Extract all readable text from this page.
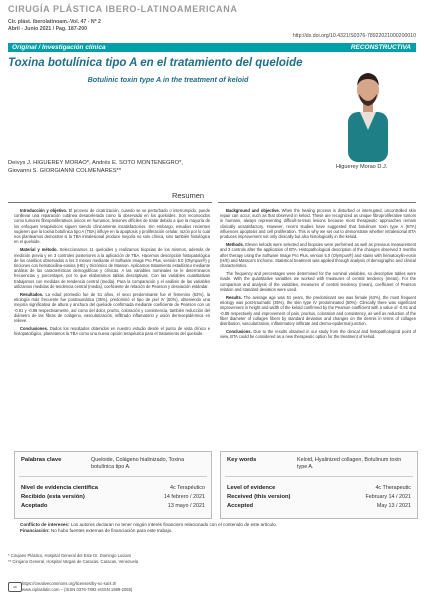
CIRUGÍA PLÁSTICA IBERO-LATINOAMERICANA
Cir. plást. iberolatinoam.-Vol. 47 - Nº 2
Abril - Junio 2021 / Pag. 187-200
http://dx.doi.org/10.4321/S0376-78922021000200010
Original / Investigación clínica	RECONSTRUCTIVA
Toxina botulínica tipo A en el tratamiento del queloide
Botulinic toxin type A in the treatment of keloid
Higuerey Morao D.J.
Deivys J. HIGUEREY MORAO*, Andrés E. SOTO MONTENEGRO*,
Giovanni S. GIORGIANNI COLMENARES**
Resumen

Introducción y objetivo. El proceso de cicatrización, cuando se ve perturbado o interrumpido, puede conllevar una reparación cutánea desacelerada como la observada en los queloides. Son reconocidos como tumores fibroproliferativos únicos en humanos, lesiones difíciles de tratar debido a que la mayoría de los enfoques terapéuticos siguen siendo clínicamente insatisfactorios. Sin embargo, estudios recientes sugieren que la toxina botulínica tipo A (TBA) influye en la apoptosis y proliferación celular, razón por lo cual nos planteamos demostrar si la TBA intralesional produce mejoría no solo clínica, sino también histológica en el queloide.

Material y método. Seleccionamos 11 queloides y realizamos biopsias de los mismos, además de medición previa y en 3 controles posteriores a la aplicación de TBA. Hacemos descripción histopatológica de los cambios observados a los 3 meses mediante el Software Image Pro Plus, versión 5.0 (Olympus®) y tinciones con hematoxilina-eosina (HE) y tricrómico de Masson. Aplicamos tratamiento estadístico mediante análisis de las características demográficas y clínicas. A las variables nominales se le determinaron frecuencias y porcentajes, por lo que elaboramos tablas descriptivas. Con las variables cuantitativas trabajamos con medidas de tendencia central (media). Para la comparación y el análisis de las variables utilizamos medidas de tendencia central (media), coeficiente de relación de Pearson y desviación estándar.

Resultados. La edad promedio fue de 51 años, el sexo predominante fue el femenino (63%), la etiología más frecuente fue postraumática (35%), predominó el tipo de piel IV (50%), obteniendo una mejoría significativa de altura y anchura del queloide confirmada mediante coeficiente de Pearson con un -0.91 y -0.88 respectivamente, así como del dolor, prurito, coloración y consistencia, también reducción del diámetro de las fibras de colágeno, vascularización, infiltrado inflamatorio y unión dermoepidérmica en relieve.

Conclusiones. Dados los resultados obtenidos en nuestro estudio desde el punto de vista clínico e histopatológico, planteamos la TBA como una nueva opción terapéutica para el tratamiento del queloide.

Background and objective. When the healing process is disturbed or interrupted, uncontrolled skin repair can occur, such as that observed in keloid. These are recognized as unique fibroproliferative tumors in humans, always representing difficult-to-treat lesions because most therapeutic approaches remain clinically unsatisfactory. However, recent studies have suggested that botulinum toxin type A (BTA) influences apoptosis and cell proliferation. This is why we set out to demonstrate whether intralesional BTA produces improvement not only clinically but also histologically in the keloid.

Methods. Eleven keloids were selected and biopsies were performed as well as previous measurement and 3 controls after the application of BTA. Histopathological description of the changes observed 3 months after therapy using the Software Image Pro Plus, version 5.0 (Olympus®) and stains with hematoxylin-eosin (H/E) and Masson's trichome. Statistical treatment was applied through analysis of demographic and clinical characteristics.

The frequency and percentages were determined for the nominal variables, so descriptive tables were made. With the quantitative variables we worked with measures of central tendency (mean). For the comparison and analysis of the variables, measures of central tendency (mean), coefficient of Pearson relation and standard deviation were used.

Results. The average age was 51 years, the predominant sex was female (63%), the most frequent etiology was post-traumatic (35%), the skin type IV predominated (50%). Clinically there was significant improvement in height and width of the keloid confirmed by the Pearson coefficient with a value of -0.91 and -0.88 respectively and improvement of pain, pruritus, coloration and consistency, as well as reduction of the fiber diameter of collagen fibers by standard deviation and changes on the dermis in terms of collagen distribution, vascularization, inflammatory infiltrate and dermo-epidermal junction.

Conclusions. Due to the results obtained in our study from the clinical and histopathological point of view, BTA could be considered as a new therapeutic option for the treatment of keloid.

Palabras clave	Queloide, Colágeno hialinizado, Toxina botulínica tipo A.
Nivel de evidencia científica	4c Terapéutico
Recibido (esta versión)	14 febrero / 2021
Aceptado	13 mayo / 2021
Key words	Keloid, Hyalinized collagen, Botulinum toxin type A.
Level of evidence	4c Therapeutic
Received (this version)	February 14 / 2021
Accepted	May 13 / 2021
Conflicto de intereses: Los autores declaran no tener ningún interés financiero relacionado con el contenido de este artículo.
Financiación: No hubo fuentes externas de financiación para este trabajo.
* Cirujano Plástico, Hospital General del Este Dr. Domingo Luciani
** Cirujano General, Hospital Vargas de Caracas, Caracas, Venezuela
cc
https://creativecommons.org/licenses/by-nc-sa/4.0/
www.ciplaslatin.com – (ISSN 0376-7892 eISSN 1989-2055)
